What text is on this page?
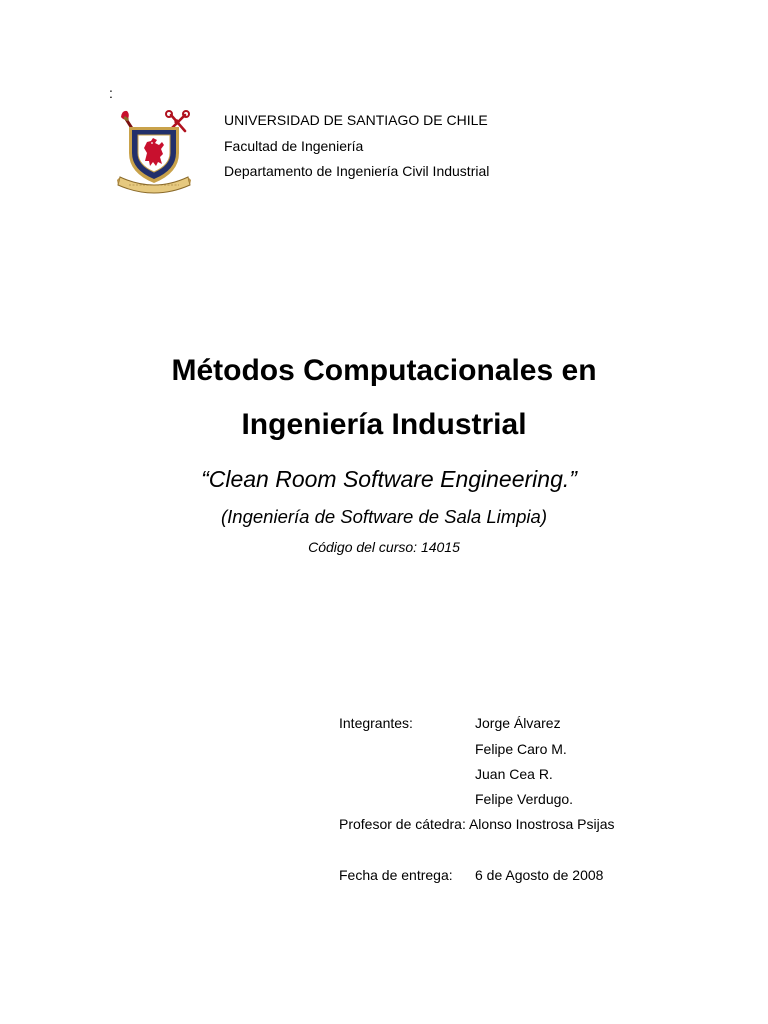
:
UNIVERSIDAD DE SANTIAGO DE CHILE
Facultad de Ingeniería
Departamento de Ingeniería Civil Industrial
Métodos Computacionales en
Ingeniería Industrial
“Clean Room Software Engineering.”
(Ingeniería de Software de Sala Limpia)
Código del curso: 14015
Integrantes:	Jorge Álvarez
Felipe Caro M.
Juan Cea R.
Felipe Verdugo.
Profesor de cátedra: Alonso Inostrosa Psijas
Fecha de entrega: 6 de Agosto de 2008
